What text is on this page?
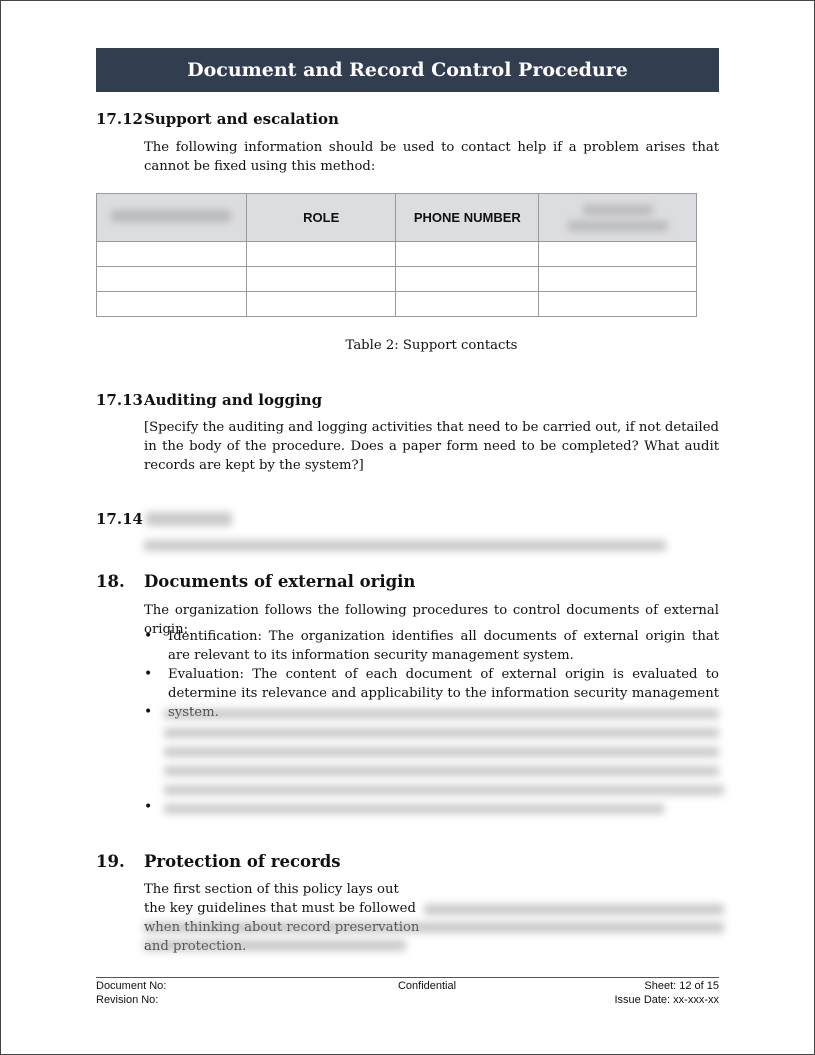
Document and Record Control Procedure
17.12Support and escalation
The following information should be used to contact help if a problem arises that cannot be fixed using this method:
	ROLE	PHONE NUMBER	

Table 2: Support contacts
17.13Auditing and logging
[Specify the auditing and logging activities that need to be carried out, if not detailed in the body of the procedure. Does a paper form need to be completed? What audit records are kept by the system?]
17.14
18. Documents of external origin
The organization follows the following procedures to control documents of external origin:
• Identification: The organization identifies all documents of external origin that are relevant to its information security management system.
• Evaluation: The content of each document of external origin is evaluated to determine its relevance and applicability to the information security management
•
•
19. Protection of records
The first section of this policy lays out the key guidelines that must be followed
Document No:
Revision No:
Confidential	Sheet: 12 of 15
Issue Date: xx-xxx-xx
